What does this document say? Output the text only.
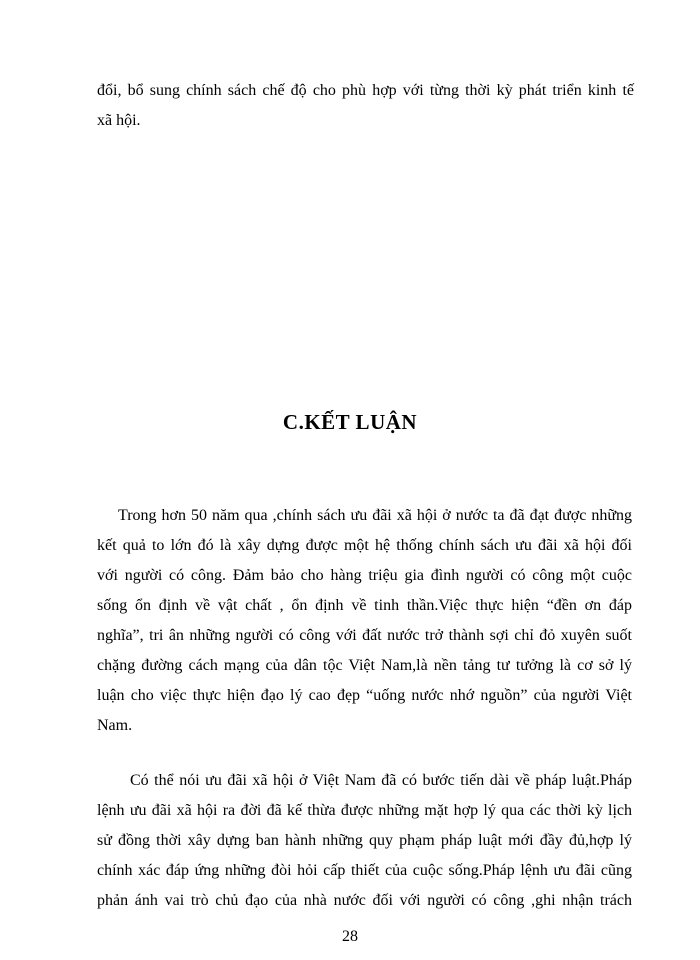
đổi, bổ sung chính sách chế độ cho phù hợp với từng thời kỳ phát triển kinh tế
xã hội.
C.KẾT LUẬN
Trong hơn 50 năm qua ,chính sách ưu đãi xã hội ở nước ta đã đạt được những
kết quả to lớn đó là xây dựng được một hệ thống chính sách ưu đãi xã hội đối
với người có công. Đảm bảo cho hàng triệu gia đình người có công một cuộc
sống ổn định về vật chất , ổn định về tinh thần.Việc thực hiện “đền ơn đáp
nghĩa”, tri ân những người có công với đất nước trở thành sợi chỉ đỏ xuyên suốt
chặng đường cách mạng của dân tộc Việt Nam,là nền tảng tư tưởng là cơ sở lý
luận cho việc thực hiện đạo lý cao đẹp “uống nước nhớ nguồn” của người Việt
Nam.
Có thể nói ưu đãi xã hội ở Việt Nam đã có bước tiến dài về pháp luật.Pháp
lệnh ưu đãi xã hội ra đời đã kế thừa được những mặt hợp lý qua các thời kỳ lịch
sử đồng thời xây dựng ban hành những quy phạm pháp luật mới đầy đủ,hợp lý
chính xác đáp ứng những đòi hỏi cấp thiết của cuộc sống.Pháp lệnh ưu đãi cũng
phản ánh vai trò chủ đạo của nhà nước đối với người có công ,ghi nhận trách
28
